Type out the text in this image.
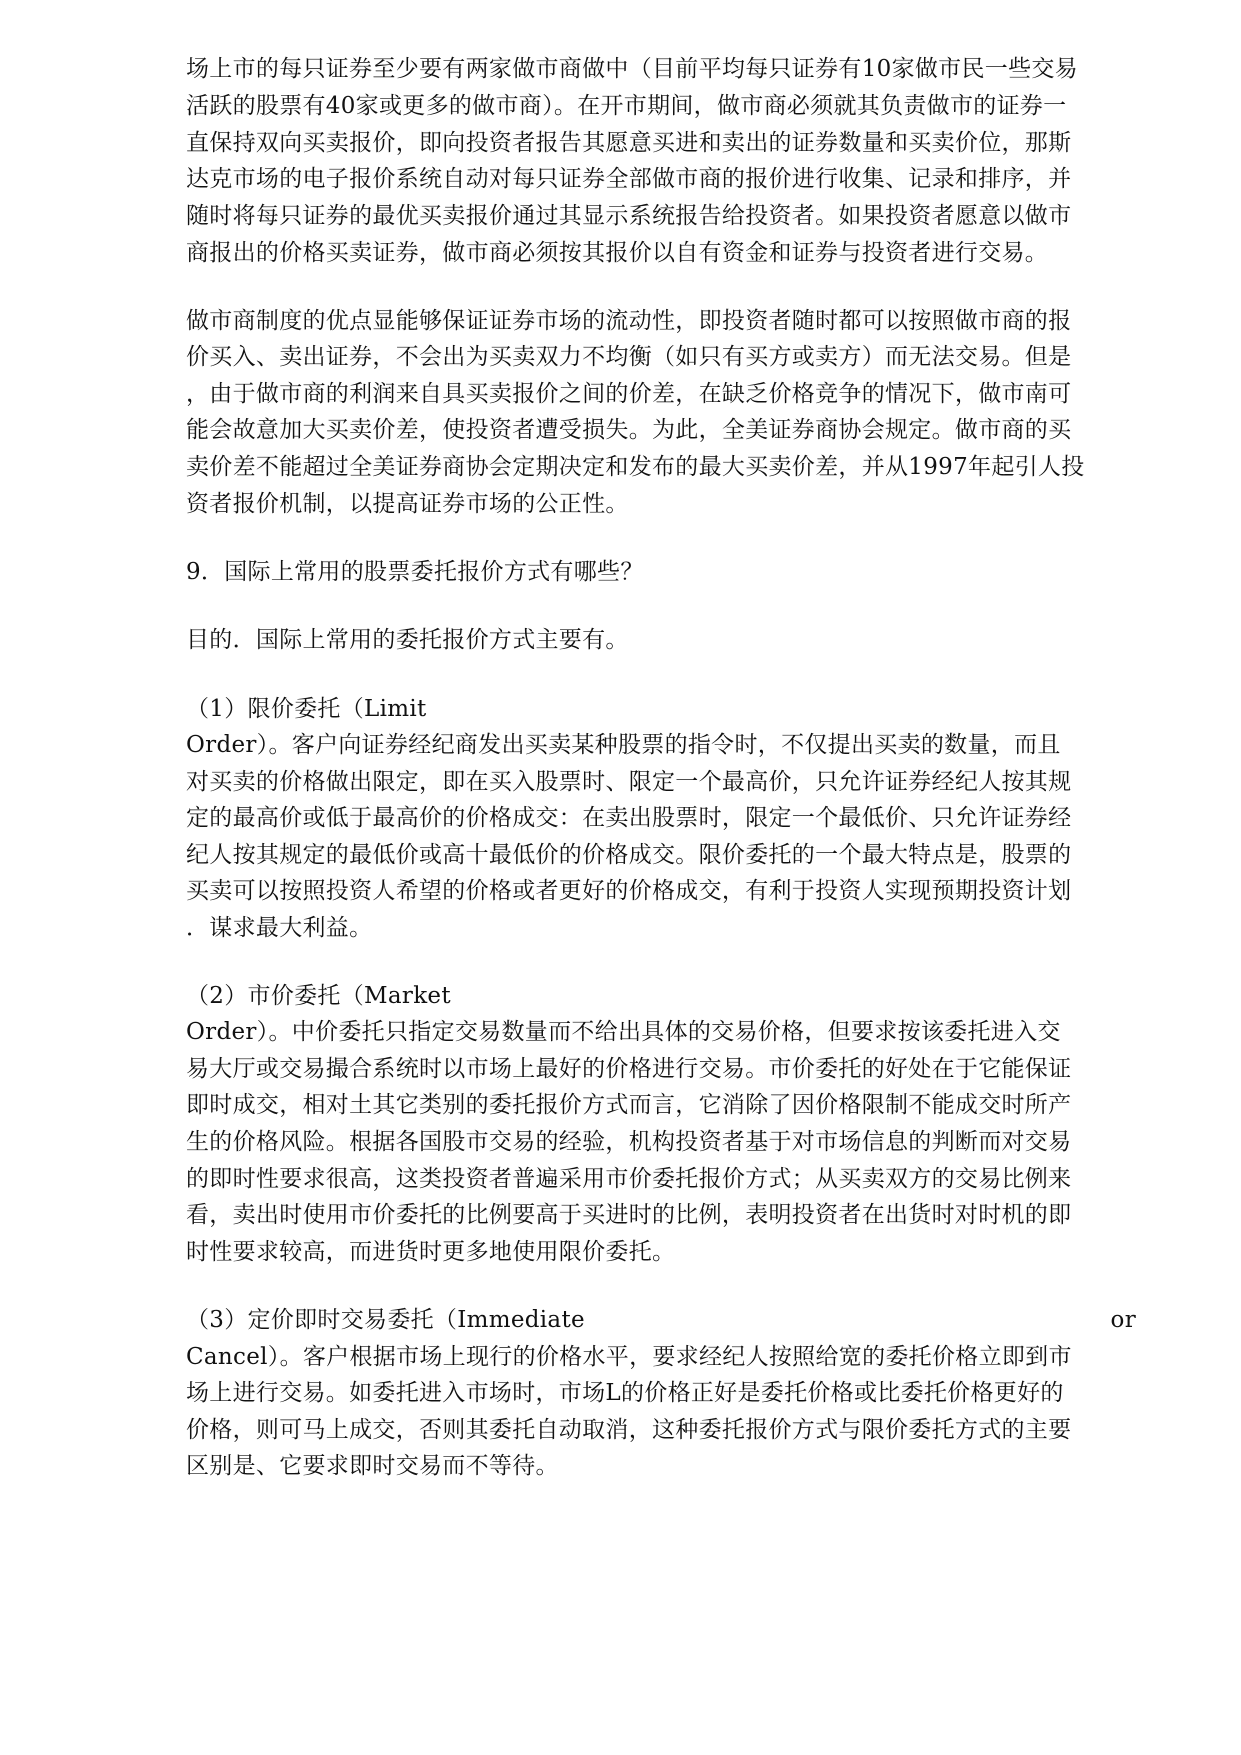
场上市的每只证券至少要有两家做市商做中（目前平均每只证券有10家做市民一些交易
活跃的股票有40家或更多的做市商）。在开市期间，做市商必须就其负责做市的证券一
直保持双向买卖报价，即向投资者报告其愿意买进和卖出的证券数量和买卖价位，那斯
达克市场的电子报价系统自动对每只证券全部做市商的报价进行收集、记录和排序，并
随时将每只证券的最优买卖报价通过其显示系统报告给投资者。如果投资者愿意以做市
商报出的价格买卖证券，做市商必须按其报价以自有资金和证券与投资者进行交易。
做市商制度的优点显能够保证证券市场的流动性，即投资者随时都可以按照做市商的报
价买入、卖出证券，不会出为买卖双力不均衡（如只有买方或卖方）而无法交易。但是
，由于做市商的利润来自具买卖报价之间的价差，在缺乏价格竞争的情况下，做市南可
能会故意加大买卖价差，使投资者遭受损失。为此，全美证券商协会规定。做市商的买
卖价差不能超过全美证券商协会定期决定和发布的最大买卖价差，并从1997年起引人投
资者报价机制，以提高证券市场的公正性。
9．国际上常用的股票委托报价方式有哪些？
目的．国际上常用的委托报价方式主要有。
（1）限价委托（Limit
Order）。客户向证券经纪商发出买卖某种股票的指令时，不仅提出买卖的数量，而且
对买卖的价格做出限定，即在买入股票时、限定一个最高价，只允许证券经纪人按其规
定的最高价或低于最高价的价格成交：在卖出股票时，限定一个最低价、只允许证券经
纪人按其规定的最低价或高十最低价的价格成交。限价委托的一个最大特点是，股票的
买卖可以按照投资人希望的价格或者更好的价格成交，有利于投资人实现预期投资计划
．谋求最大利益。
（2）市价委托（Market
Order）。中价委托只指定交易数量而不给出具体的交易价格，但要求按该委托进入交
易大厅或交易撮合系统时以市场上最好的价格进行交易。市价委托的好处在于它能保证
即时成交，相对土其它类别的委托报价方式而言，它消除了因价格限制不能成交时所产
生的价格风险。根据各国股市交易的经验，机构投资者基于对市场信息的判断而对交易
的即时性要求很高，这类投资者普遍采用市价委托报价方式；从买卖双方的交易比例来
看，卖出时使用市价委托的比例要高于买进时的比例，表明投资者在出货时对时机的即
时性要求较高，而进货时更多地使用限价委托。
（3）定价即时交易委托（Immediate	or
Cancel）。客户根据市场上现行的价格水平，要求经纪人按照给宽的委托价格立即到市
场上进行交易。如委托进入市场时，市场L的价格正好是委托价格或比委托价格更好的
价格，则可马上成交，否则其委托自动取消，这种委托报价方式与限价委托方式的主要
区别是、它要求即时交易而不等待。
